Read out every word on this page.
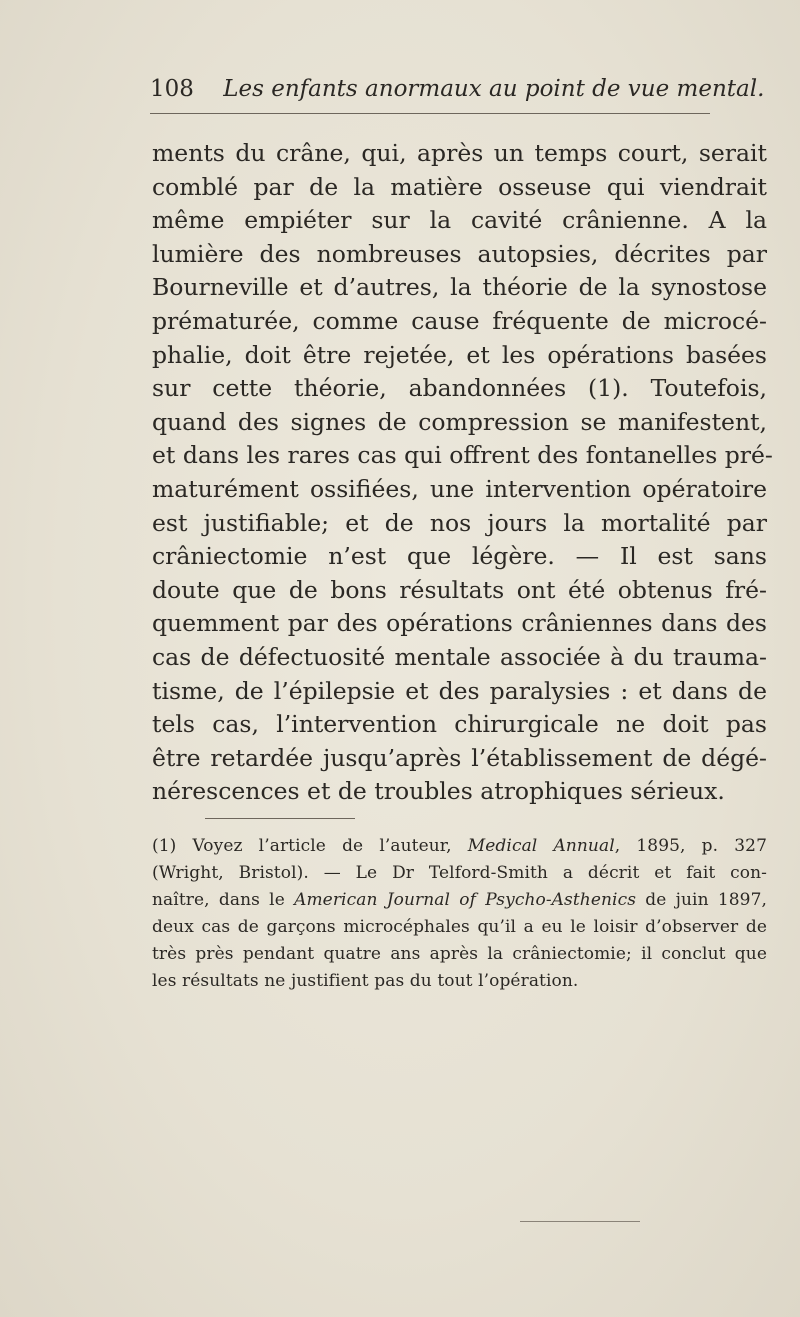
108 Les enfants anormaux au point de vue mental.
ments du crâne, qui, après un temps court, serait
comblé par de la matière osseuse qui viendrait
même empiéter sur la cavité crânienne. A la
lumière des nombreuses autopsies, décrites par
Bourneville et d’autres, la théorie de la synostose
prématurée, comme cause fréquente de microcé-
phalie, doit être rejetée, et les opérations basées
sur cette théorie, abandonnées (1). Toutefois,
quand des signes de compression se manifestent,
et dans les rares cas qui offrent des fontanelles pré-
maturément ossifiées, une intervention opératoire
est justifiable; et de nos jours la mortalité par
crâniectomie n’est que légère. — Il est sans
doute que de bons résultats ont été obtenus fré-
quemment par des opérations crâniennes dans des
cas de défectuosité mentale associée à du trauma-
tisme, de l’épilepsie et des paralysies : et dans de
tels cas, l’intervention chirurgicale ne doit pas
être retardée jusqu’après l’établissement de dégé-
nérescences et de troubles atrophiques sérieux.
(1) Voyez l’article de l’auteur, Medical Annual, 1895, p. 327
(Wright, Bristol). — Le Dr Telford-Smith a décrit et fait con-
naître, dans le American Journal of Psycho-Asthenics de juin 1897,
deux cas de garçons microcéphales qu’il a eu le loisir d’observer de
très près pendant quatre ans après la crâniectomie; il conclut que
les résultats ne justifient pas du tout l’opération.
